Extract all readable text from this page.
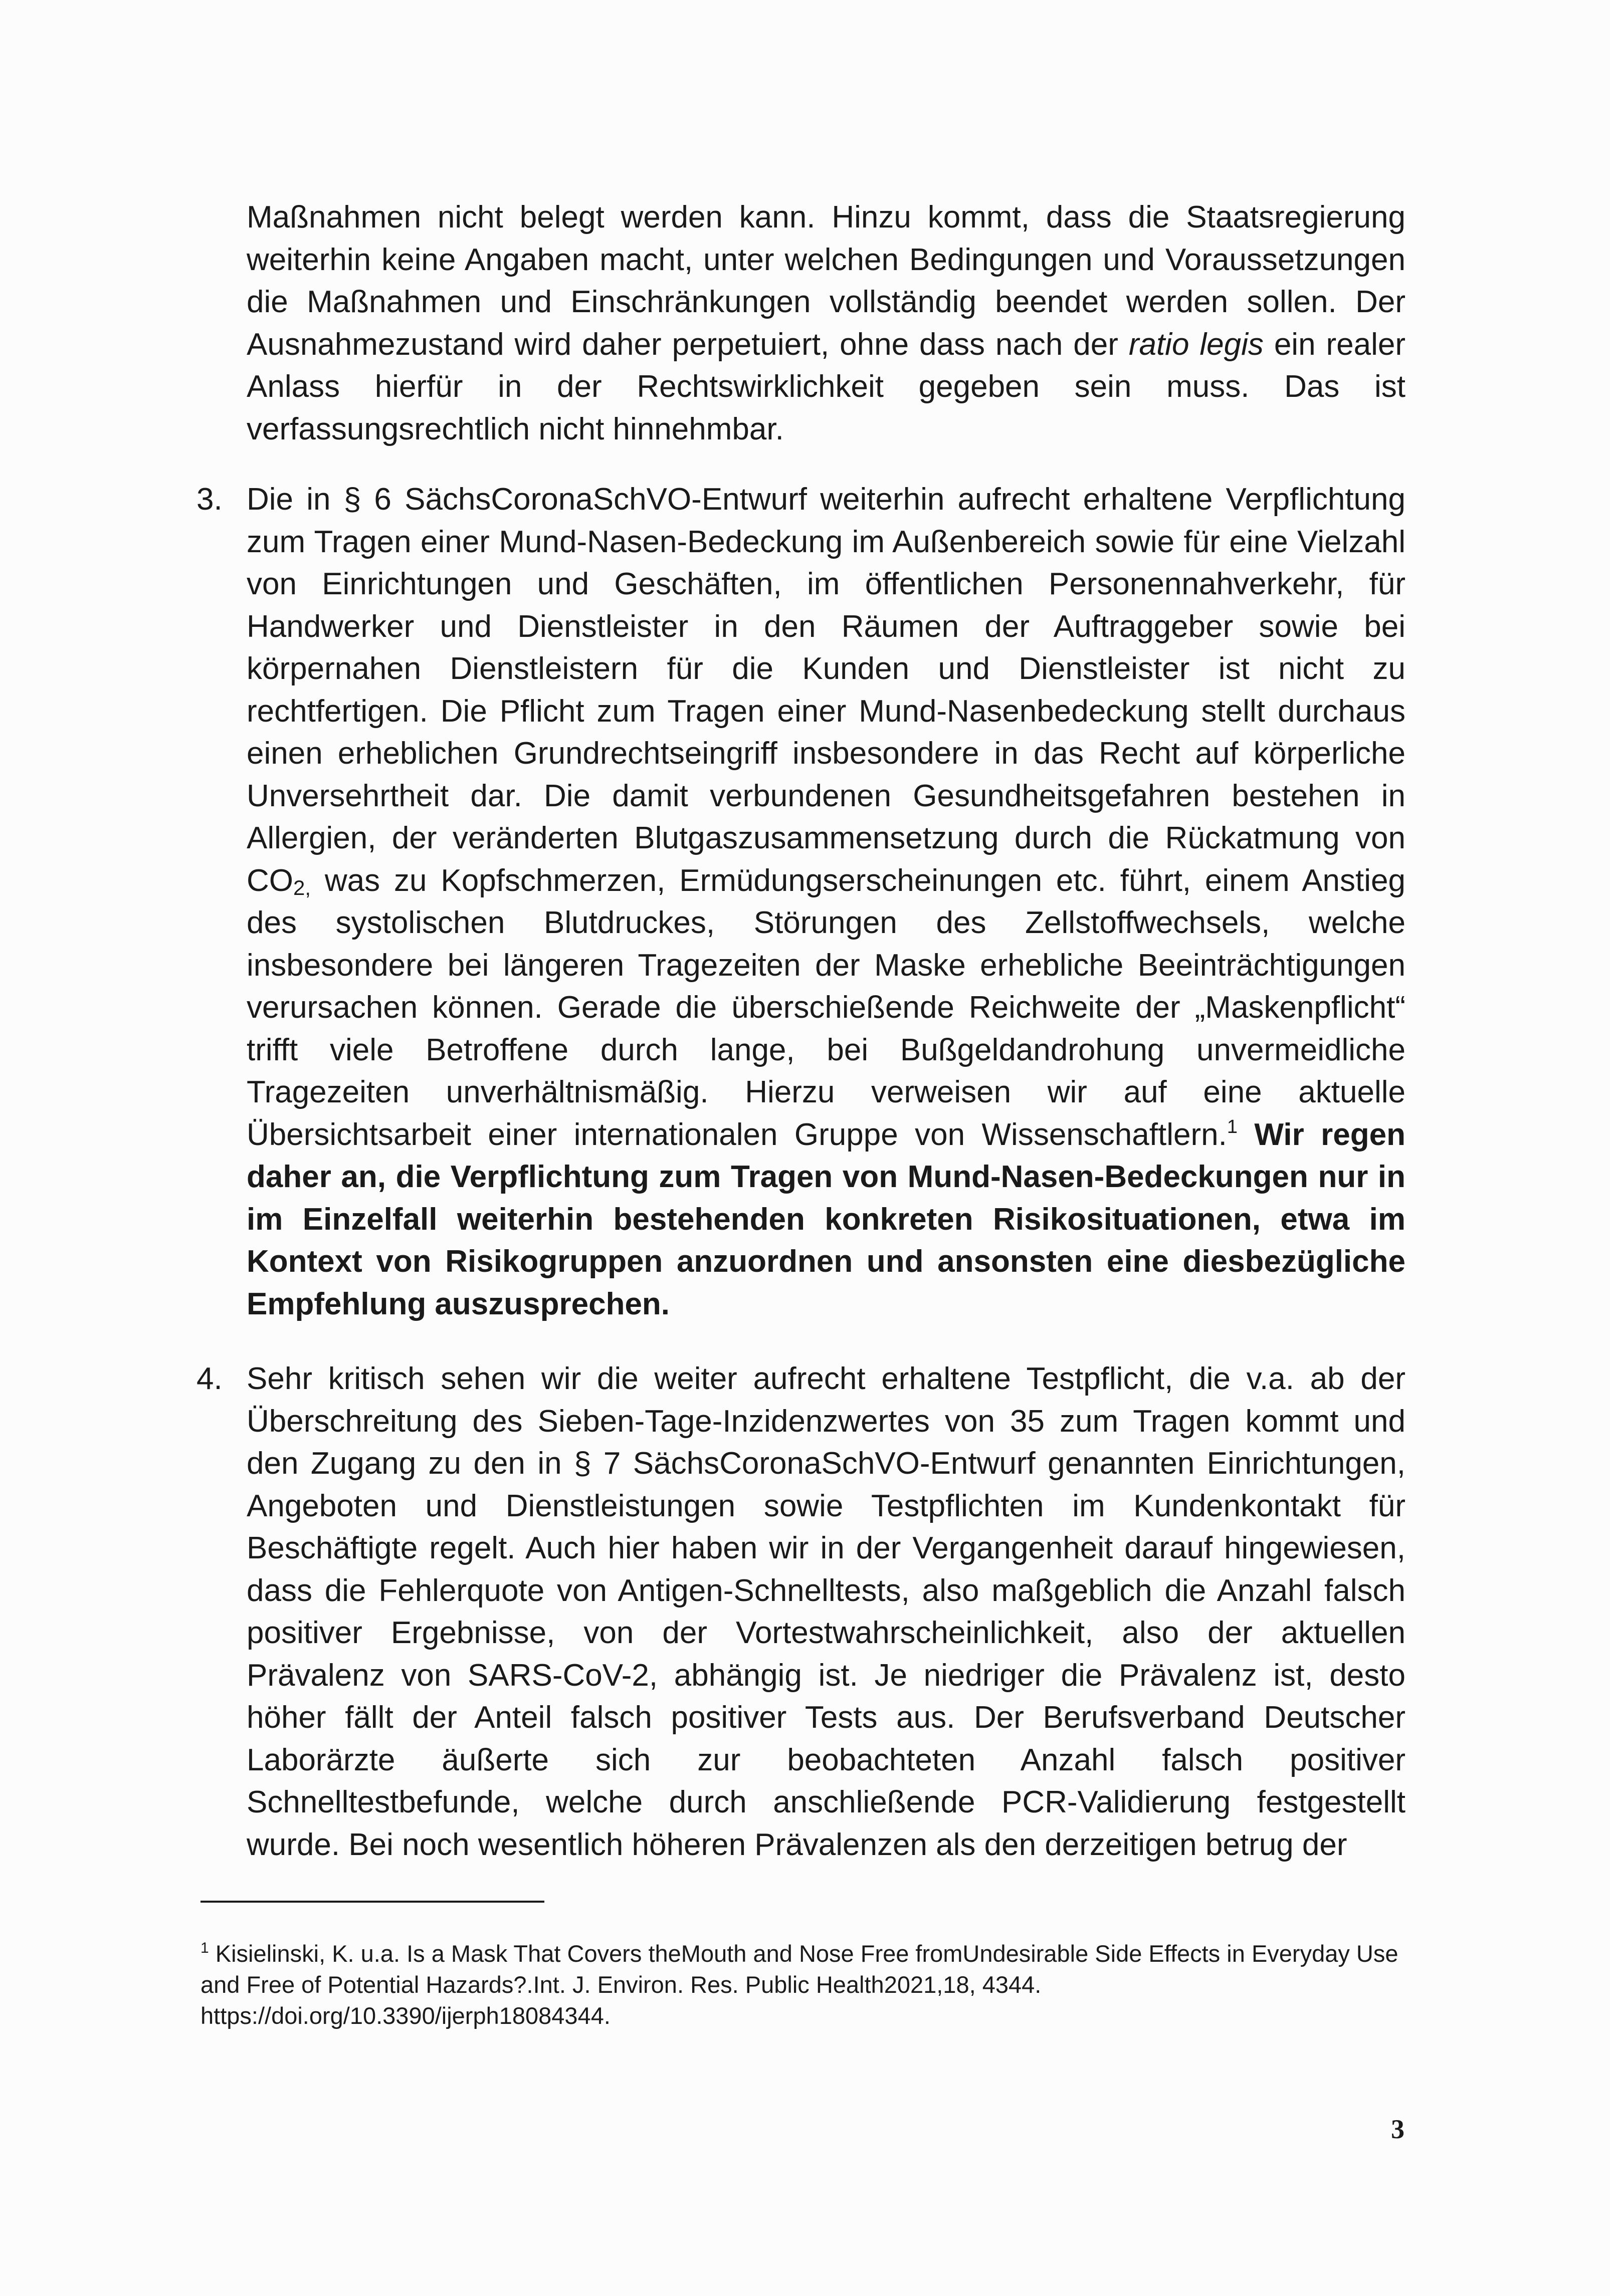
Maßnahmen nicht belegt werden kann. Hinzu kommt, dass die Staatsregierung weiterhin keine Angaben macht, unter welchen Bedingungen und Voraussetzungen die Maßnahmen und Einschränkungen vollständig beendet werden sollen. Der Ausnahmezustand wird daher perpetuiert, ohne dass nach der ratio legis ein realer Anlass hierfür in der Rechtswirklichkeit gegeben sein muss. Das ist verfassungsrechtlich nicht hinnehmbar.
3. Die in § 6 SächsCoronaSchVO-Entwurf weiterhin aufrecht erhaltene Verpflichtung zum Tragen einer Mund-Nasen-Bedeckung im Außenbereich sowie für eine Vielzahl von Einrichtungen und Geschäften, im öffentlichen Personennahverkehr, für Handwerker und Dienstleister in den Räumen der Auftraggeber sowie bei körpernahen Dienstleistern für die Kunden und Dienstleister ist nicht zu rechtfertigen. Die Pflicht zum Tragen einer Mund-Nasenbedeckung stellt durchaus einen erheblichen Grundrechtseingriff insbesondere in das Recht auf körperliche Unversehrtheit dar. Die damit verbundenen Gesundheitsgefahren bestehen in Allergien, der veränderten Blutgaszusammensetzung durch die Rückatmung von $CO_{2,}$ was zu Kopfschmerzen, Ermüdungserscheinungen etc. führt, einem Anstieg des systolischen Blutdruckes, Störungen des Zellstoffwechsels, welche insbesondere bei längeren Tragezeiten der Maske erhebliche Beeinträchtigungen verursachen können. Gerade die überschießende Reichweite der „Maskenpflicht“ trifft viele Betroffene durch lange, bei Bußgeldandrohung unvermeidliche Tragezeiten unverhältnismäßig. Hierzu verweisen wir auf eine aktuelle Übersichtsarbeit einer internationalen Gruppe von Wissenschaftlern.$^1$ Wir regen daher an, die Verpflichtung zum Tragen von Mund-Nasen-Bedeckungen nur in im Einzelfall weiterhin bestehenden konkreten Risikosituationen, etwa im Kontext von Risikogruppen anzuordnen und ansonsten eine diesbezügliche Empfehlung auszusprechen.
4. Sehr kritisch sehen wir die weiter aufrecht erhaltene Testpflicht, die v.a. ab der Überschreitung des Sieben-Tage-Inzidenzwertes von 35 zum Tragen kommt und den Zugang zu den in § 7 SächsCoronaSchVO-Entwurf genannten Einrichtungen, Angeboten und Dienstleistungen sowie Testpflichten im Kundenkontakt für Beschäftigte regelt. Auch hier haben wir in der Vergangenheit darauf hingewiesen, dass die Fehlerquote von Antigen-Schnelltests, also maßgeblich die Anzahl falsch positiver Ergebnisse, von der Vortestwahrscheinlichkeit, also der aktuellen Prävalenz von SARS-CoV-2, abhängig ist. Je niedriger die Prävalenz ist, desto höher fällt der Anteil falsch positiver Tests aus. Der Berufsverband Deutscher Laborärzte äußerte sich zur beobachteten Anzahl falsch positiver Schnelltestbefunde, welche durch anschließende PCR-Validierung festgestellt wurde. Bei noch wesentlich höheren Prävalenzen als den derzeitigen betrug der
$^1$ Kisielinski, K. u.a. Is a Mask That Covers theMouth and Nose Free fromUndesirable Side Effects in Everyday Use and Free of Potential Hazards?.Int. J. Environ. Res. Public Health2021,18, 4344. https://doi.org/10.3390/ijerph18084344.
3
